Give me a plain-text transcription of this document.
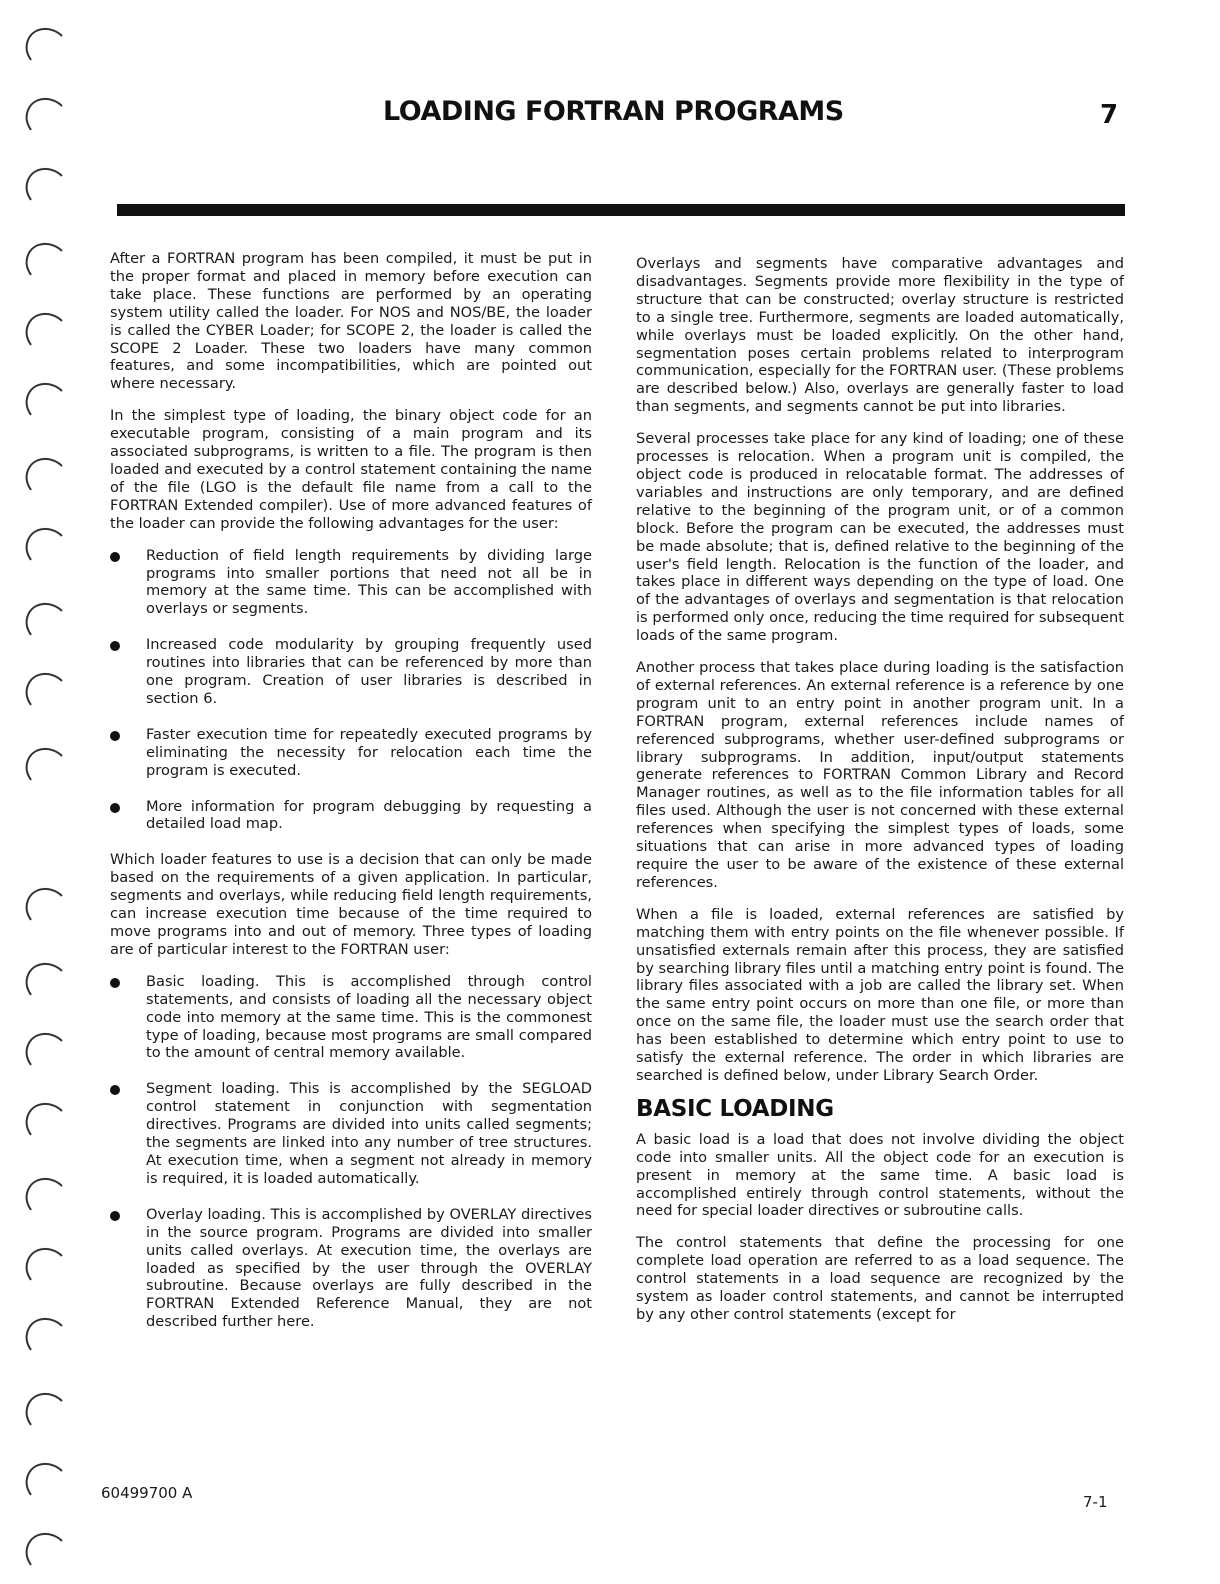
LOADING FORTRAN PROGRAMS	7

After a FORTRAN program has been compiled, it must be put in the proper format and placed in memory before execution can take place. These functions are performed by an operating system utility called the loader. For NOS and NOS/BE, the loader is called the CYBER Loader; for SCOPE 2, the loader is called the SCOPE 2 Loader. These two loaders have many common features, and some incompatibilities, which are pointed out where necessary.

In the simplest type of loading, the binary object code for an executable program, consisting of a main program and its associated subprograms, is written to a file. The program is then loaded and executed by a control statement containing the name of the file (LGO is the default file name from a call to the FORTRAN Extended compiler). Use of more advanced features of the loader can provide the following advantages for the user:

Reduction of field length requirements by dividing large programs into smaller portions that need not all be in memory at the same time. This can be accomplished with overlays or segments.
Increased code modularity by grouping frequently used routines into libraries that can be referenced by more than one program. Creation of user libraries is described in section 6.
Faster execution time for repeatedly executed programs by eliminating the necessity for relocation each time the program is executed.
More information for program debugging by requesting a detailed load map.

Which loader features to use is a decision that can only be made based on the requirements of a given application. In particular, segments and overlays, while reducing field length requirements, can increase execution time because of the time required to move programs into and out of memory. Three types of loading are of particular interest to the FORTRAN user:

Basic loading. This is accomplished through control statements, and consists of loading all the necessary object code into memory at the same time. This is the commonest type of loading, because most programs are small compared to the amount of central memory available.
Segment loading. This is accomplished by the SEGLOAD control statement in conjunction with segmentation directives. Programs are divided into units called segments; the segments are linked into any number of tree structures. At execution time, when a segment not already in memory is required, it is loaded automatically.
Overlay loading. This is accomplished by OVERLAY directives in the source program. Programs are divided into smaller units called overlays. At execution time, the overlays are loaded as specified by the user through the OVERLAY subroutine. Because overlays are fully described in the FORTRAN Extended Reference Manual, they are not described further here.

Overlays and segments have comparative advantages and disadvantages. Segments provide more flexibility in the type of structure that can be constructed; overlay structure is restricted to a single tree. Furthermore, segments are loaded automatically, while overlays must be loaded explicitly. On the other hand, segmentation poses certain problems related to interprogram communication, especially for the FORTRAN user. (These problems are described below.) Also, overlays are generally faster to load than segments, and segments cannot be put into libraries.

Several processes take place for any kind of loading; one of these processes is relocation. When a program unit is compiled, the object code is produced in relocatable format. The addresses of variables and instructions are only temporary, and are defined relative to the beginning of the program unit, or of a common block. Before the program can be executed, the addresses must be made absolute; that is, defined relative to the beginning of the user's field length. Relocation is the function of the loader, and takes place in different ways depending on the type of load. One of the advantages of overlays and segmentation is that relocation is performed only once, reducing the time required for subsequent loads of the same program.

Another process that takes place during loading is the satisfaction of external references. An external reference is a reference by one program unit to an entry point in another program unit. In a FORTRAN program, external references include names of referenced subprograms, whether user-defined subprograms or library subprograms. In addition, input/output statements generate references to FORTRAN Common Library and Record Manager routines, as well as to the file information tables for all files used. Although the user is not concerned with these external references when specifying the simplest types of loads, some situations that can arise in more advanced types of loading require the user to be aware of the existence of these external references.

When a file is loaded, external references are satisfied by matching them with entry points on the file whenever possible. If unsatisfied externals remain after this process, they are satisfied by searching library files until a matching entry point is found. The library files associated with a job are called the library set. When the same entry point occurs on more than one file, or more than once on the same file, the loader must use the search order that has been established to determine which entry point to use to satisfy the external reference. The order in which libraries are searched is defined below, under Library Search Order.

BASIC LOADING

A basic load is a load that does not involve dividing the object code into smaller units. All the object code for an execution is present in memory at the same time. A basic load is accomplished entirely through control statements, without the need for special loader directives or subroutine calls.

The control statements that define the processing for one complete load operation are referred to as a load sequence. The control statements in a load sequence are recognized by the system as loader control statements, and cannot be interrupted by any other control statements (except for

60499700 A	7-1
